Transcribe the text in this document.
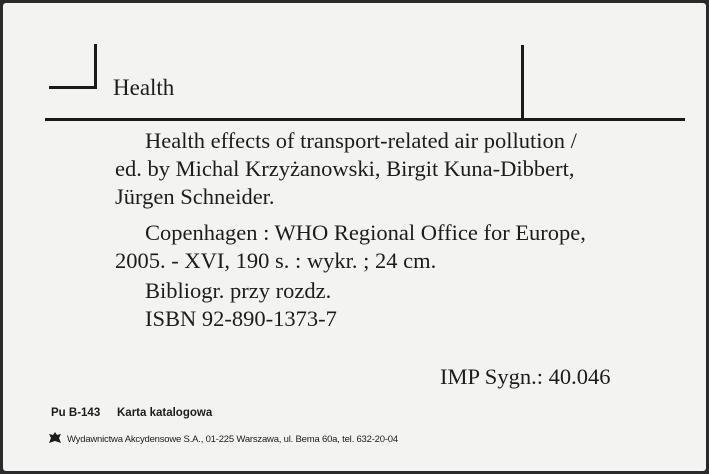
Health
Health effects of transport-related air pollution /
ed. by Michal Krzyżanowski, Birgit Kuna-Dibbert,
Jürgen Schneider.
Copenhagen : WHO Regional Office for Europe,
2005. - XVI, 190 s. : wykr. ; 24 cm.
Bibliogr. przy rozdz.
ISBN 92-890-1373-7
IMP Sygn.: 40.046
Pu B-143 Karta katalogowa
Wydawnictwa Akcydensowe S.A., 01-225 Warszawa, ul. Bema 60a, tel. 632-20-04
